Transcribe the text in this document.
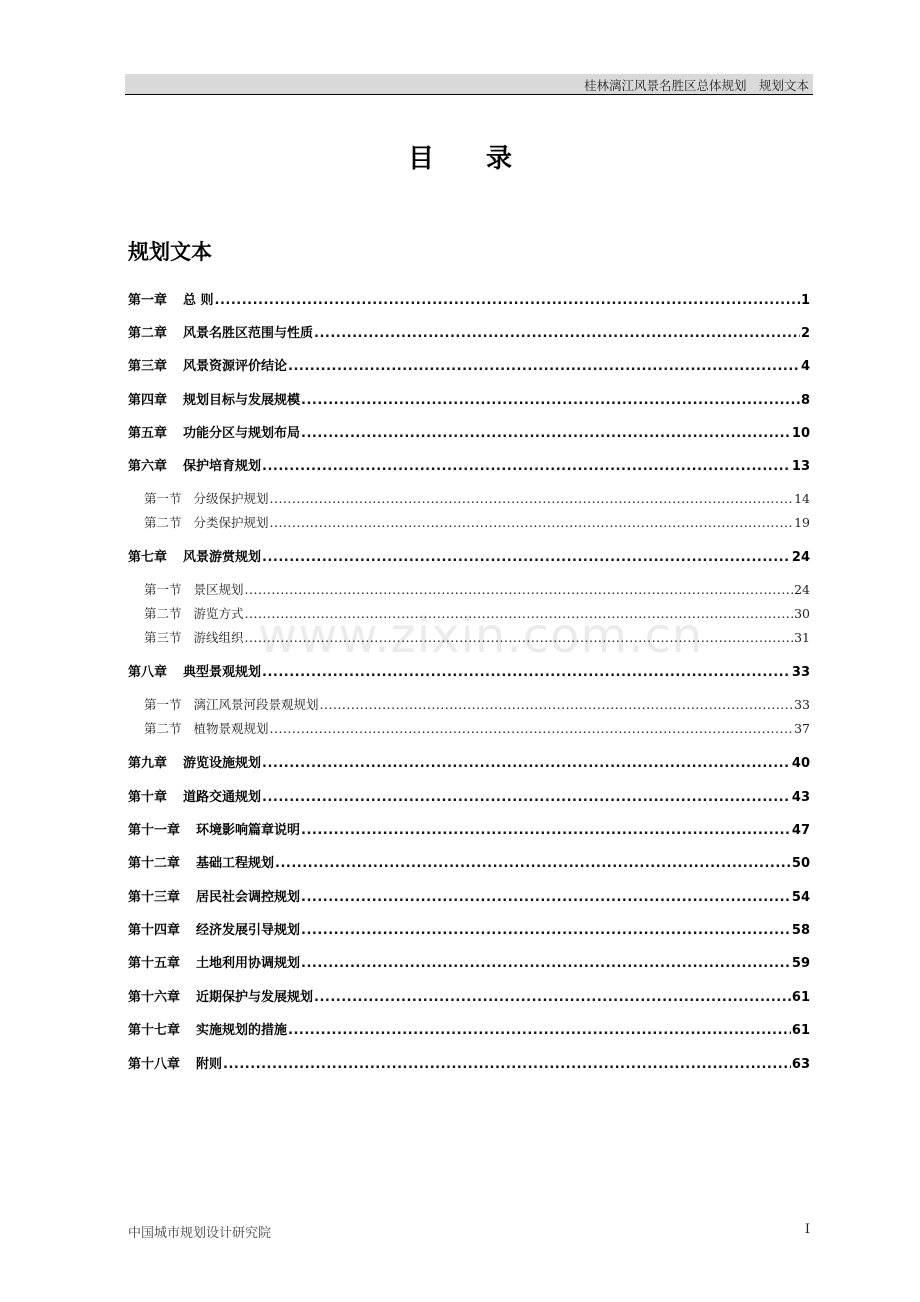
桂林漓江风景名胜区总体规划　规划文本
目录
规划文本
第一章 总 则 .....	1
第二章 风景名胜区范围与性质 .....	2
第三章 风景资源评价结论 .....	4
第四章 规划目标与发展规模 .....	8
第五章 功能分区与规划布局 .....	10
第六章 保护培育规划 .....	13
第一节 分级保护规划 .....	14
第二节 分类保护规划 .....	19
第七章 风景游赏规划 .....	24
第一节 景区规划 .....	24
第二节 游览方式 .....	30
第三节 游线组织 .....	31
第八章 典型景观规划 .....	33
第一节 漓江风景河段景观规划 .....	33
第二节 植物景观规划 .....	37
第九章 游览设施规划 .....	40
第十章 道路交通规划 .....	43
第十一章 环境影响篇章说明 .....	47
第十二章 基础工程规划 .....	50
第十三章 居民社会调控规划 .....	54
第十四章 经济发展引导规划 .....	58
第十五章 土地利用协调规划 .....	59
第十六章 近期保护与发展规划 .....	61
第十七章 实施规划的措施 .....	61
第十八章 附则 .....	63
www.zixin.com.cn
中国城市规划设计研究院	I
